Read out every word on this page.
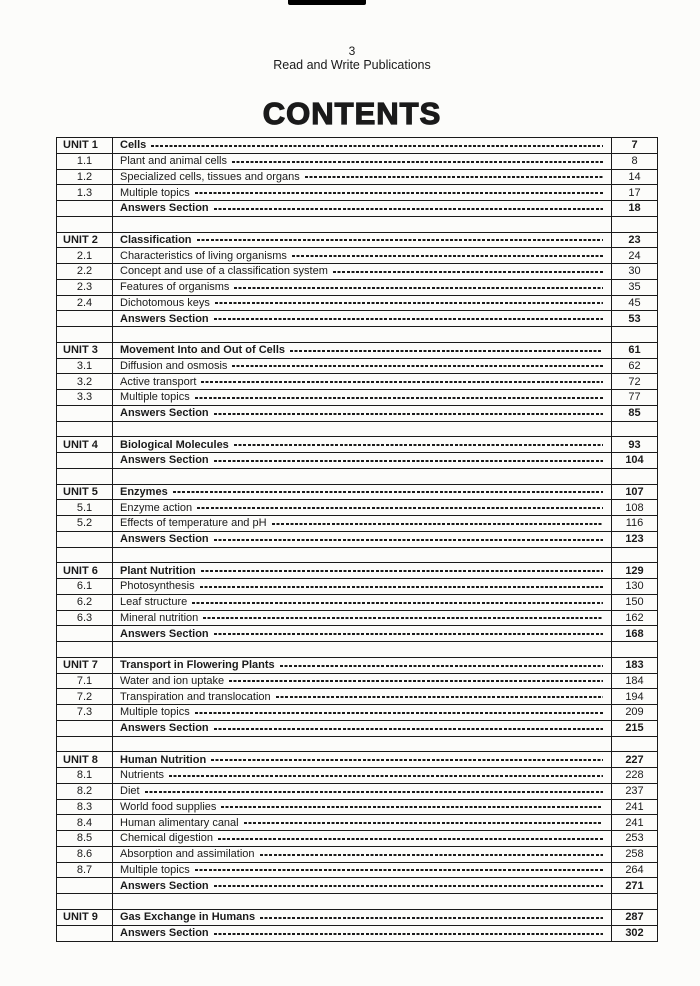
3
Read and Write Publications
CONTENTS
UNIT 1 Cells	7
1.1	Plant and animal cells	8
1.2	Specialized cells, tissues and organs	14
1.3	Multiple topics	17
Answers Section	18
UNIT 2 Classification	23
2.1	Characteristics of living organisms	24
2.2	Concept and use of a classification system	30
2.3	Features of organisms	35
2.4	Dichotomous keys	45
Answers Section	53
UNIT 3 Movement Into and Out of Cells	61
3.1	Diffusion and osmosis	62
3.2	Active transport	72
3.3	Multiple topics	77
Answers Section	85
UNIT 4 Biological Molecules	93
Answers Section	104
UNIT 5 Enzymes	107
5.1	Enzyme action	108
5.2	Effects of temperature and pH	116
Answers Section	123
UNIT 6 Plant Nutrition	129
6.1	Photosynthesis	130
6.2	Leaf structure	150
6.3	Mineral nutrition	162
Answers Section	168
UNIT 7 Transport in Flowering Plants	183
7.1	Water and ion uptake	184
7.2	Transpiration and translocation	194
7.3	Multiple topics	209
Answers Section	215
UNIT 8 Human Nutrition	227
8.1	Nutrients	228
8.2	Diet	237
8.3	World food supplies	241
8.4	Human alimentary canal	241
8.5	Chemical digestion	253
8.6	Absorption and assimilation	258
8.7	Multiple topics	264
Answers Section	271
UNIT 9 Gas Exchange in Humans	287
Answers Section	302
